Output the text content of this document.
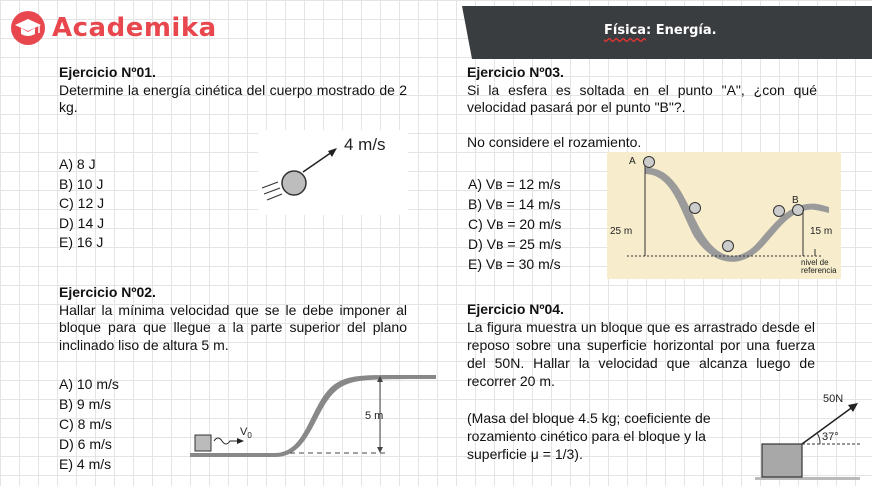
Academika	Física: Energía.
Ejercicio Nº01.
Determine la energía cinética del cuerpo mostrado de 2 kg.
A) 8 J
B) 10 J
C) 12 J
D) 14 J
E) 16 J
4 m/s
Ejercicio Nº02.
Hallar la mínima velocidad que se le debe imponer al bloque para que llegue a la parte superior del plano inclinado liso de altura 5 m.
A) 10 m/s
B) 9 m/s
C) 8 m/s
D) 6 m/s
E) 4 m/s
$V_0$
5 m
Ejercicio Nº03.
Si la esfera es soltada en el punto "A", ¿con qué velocidad pasará por el punto "B"?.
No considere el rozamiento.
A) Vʙ = 12 m/s
B) Vʙ = 14 m/s
C) Vʙ = 20 m/s
D) Vʙ = 25 m/s
E) Vʙ = 30 m/s
A
B
25 m	15 m
nivel de
referencia
Ejercicio Nº04.
La figura muestra un bloque que es arrastrado desde el reposo sobre una superficie horizontal por una fuerza del 50N. Hallar la velocidad que alcanza luego de recorrer 20 m.
(Masa del bloque 4.5 kg; coeficiente de rozamiento cinético para el bloque y la superficie μ = 1/3).
50N
37°
